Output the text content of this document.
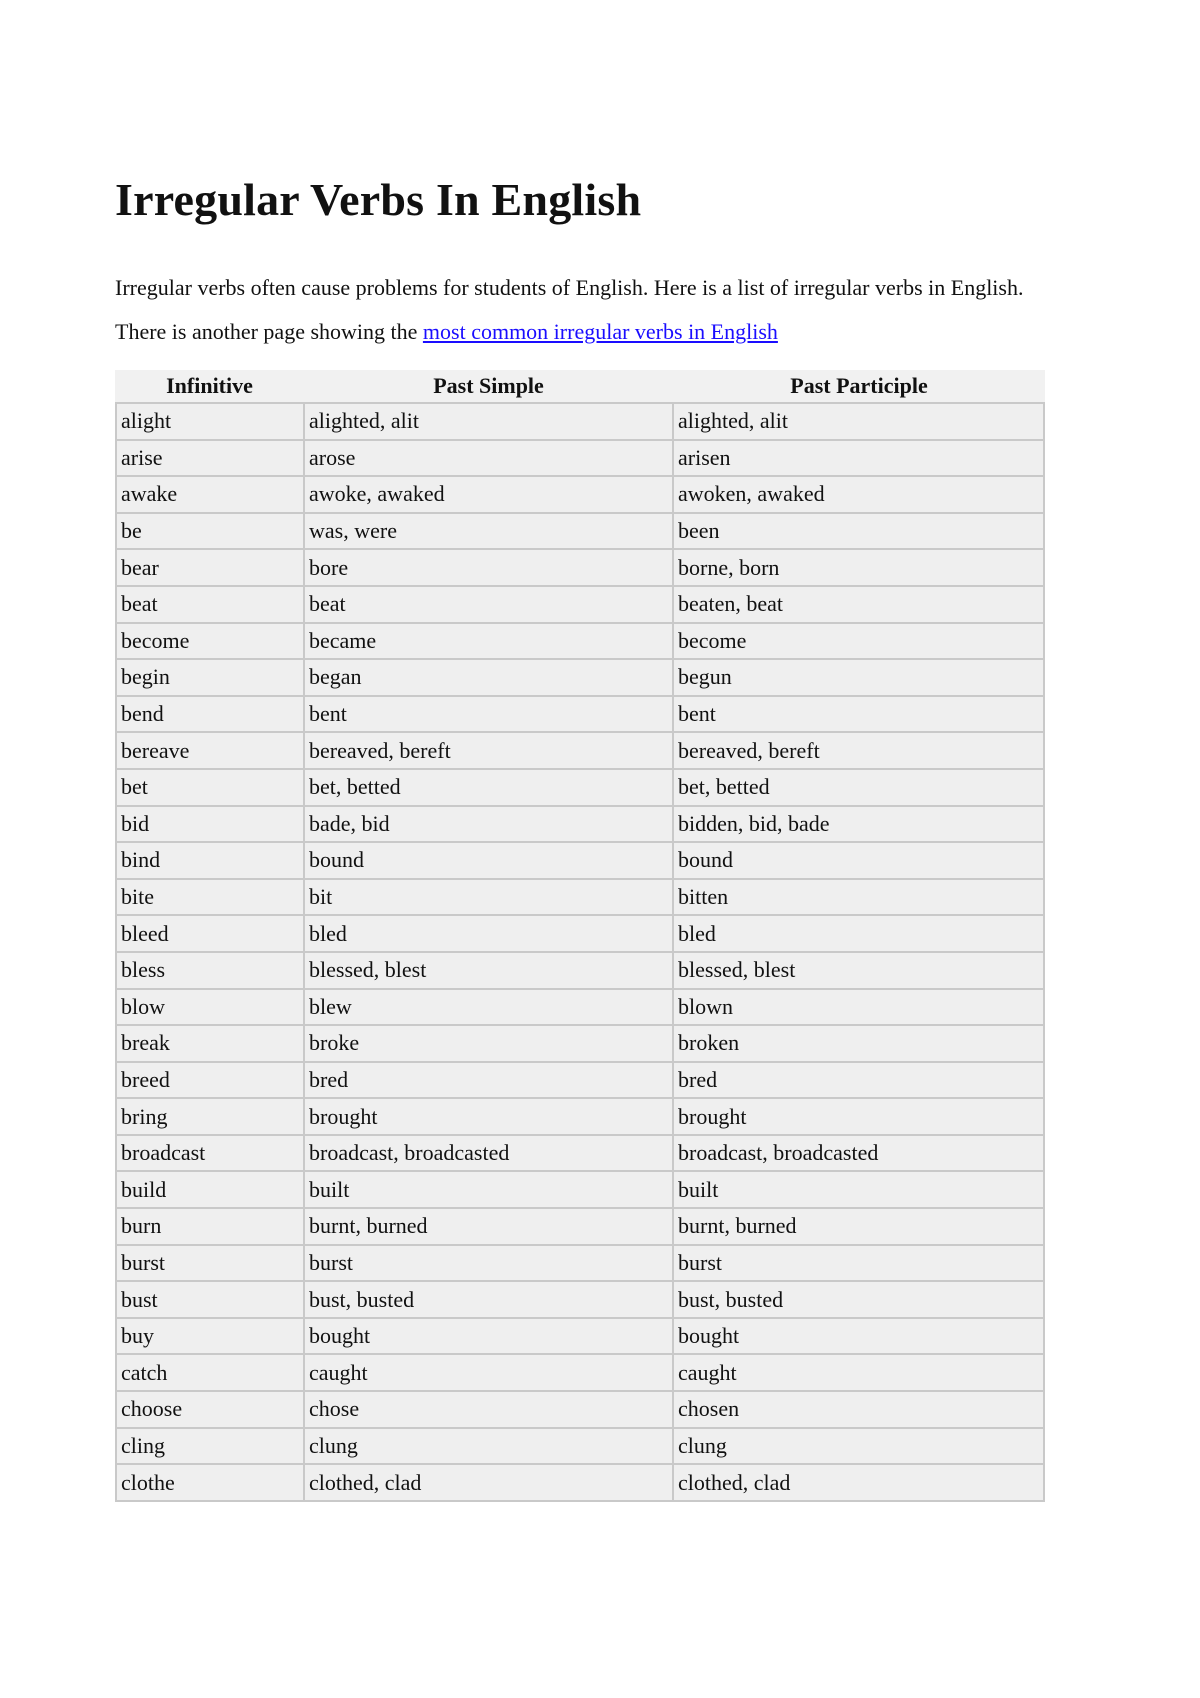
Irregular Verbs In English

Irregular verbs often cause problems for students of English. Here is a list of irregular verbs in English. There is another page showing the most common irregular verbs in English

Infinitive	Past Simple	Past Participle
alight	alighted, alit	alighted, alit
arise	arose	arisen
awake	awoke, awaked	awoken, awaked
be	was, were	been
bear	bore	borne, born
beat	beat	beaten, beat
become	became	become
begin	began	begun
bend	bent	bent
bereave	bereaved, bereft	bereaved, bereft
bet	bet, betted	bet, betted
bid	bade, bid	bidden, bid, bade
bind	bound	bound
bite	bit	bitten
bleed	bled	bled
bless	blessed, blest	blessed, blest
blow	blew	blown
break	broke	broken
breed	bred	bred
bring	brought	brought
broadcast	broadcast, broadcasted	broadcast, broadcasted
build	built	built
burn	burnt, burned	burnt, burned
burst	burst	burst
bust	bust, busted	bust, busted
buy	bought	bought
catch	caught	caught
choose	chose	chosen
cling	clung	clung
clothe	clothed, clad	clothed, clad
